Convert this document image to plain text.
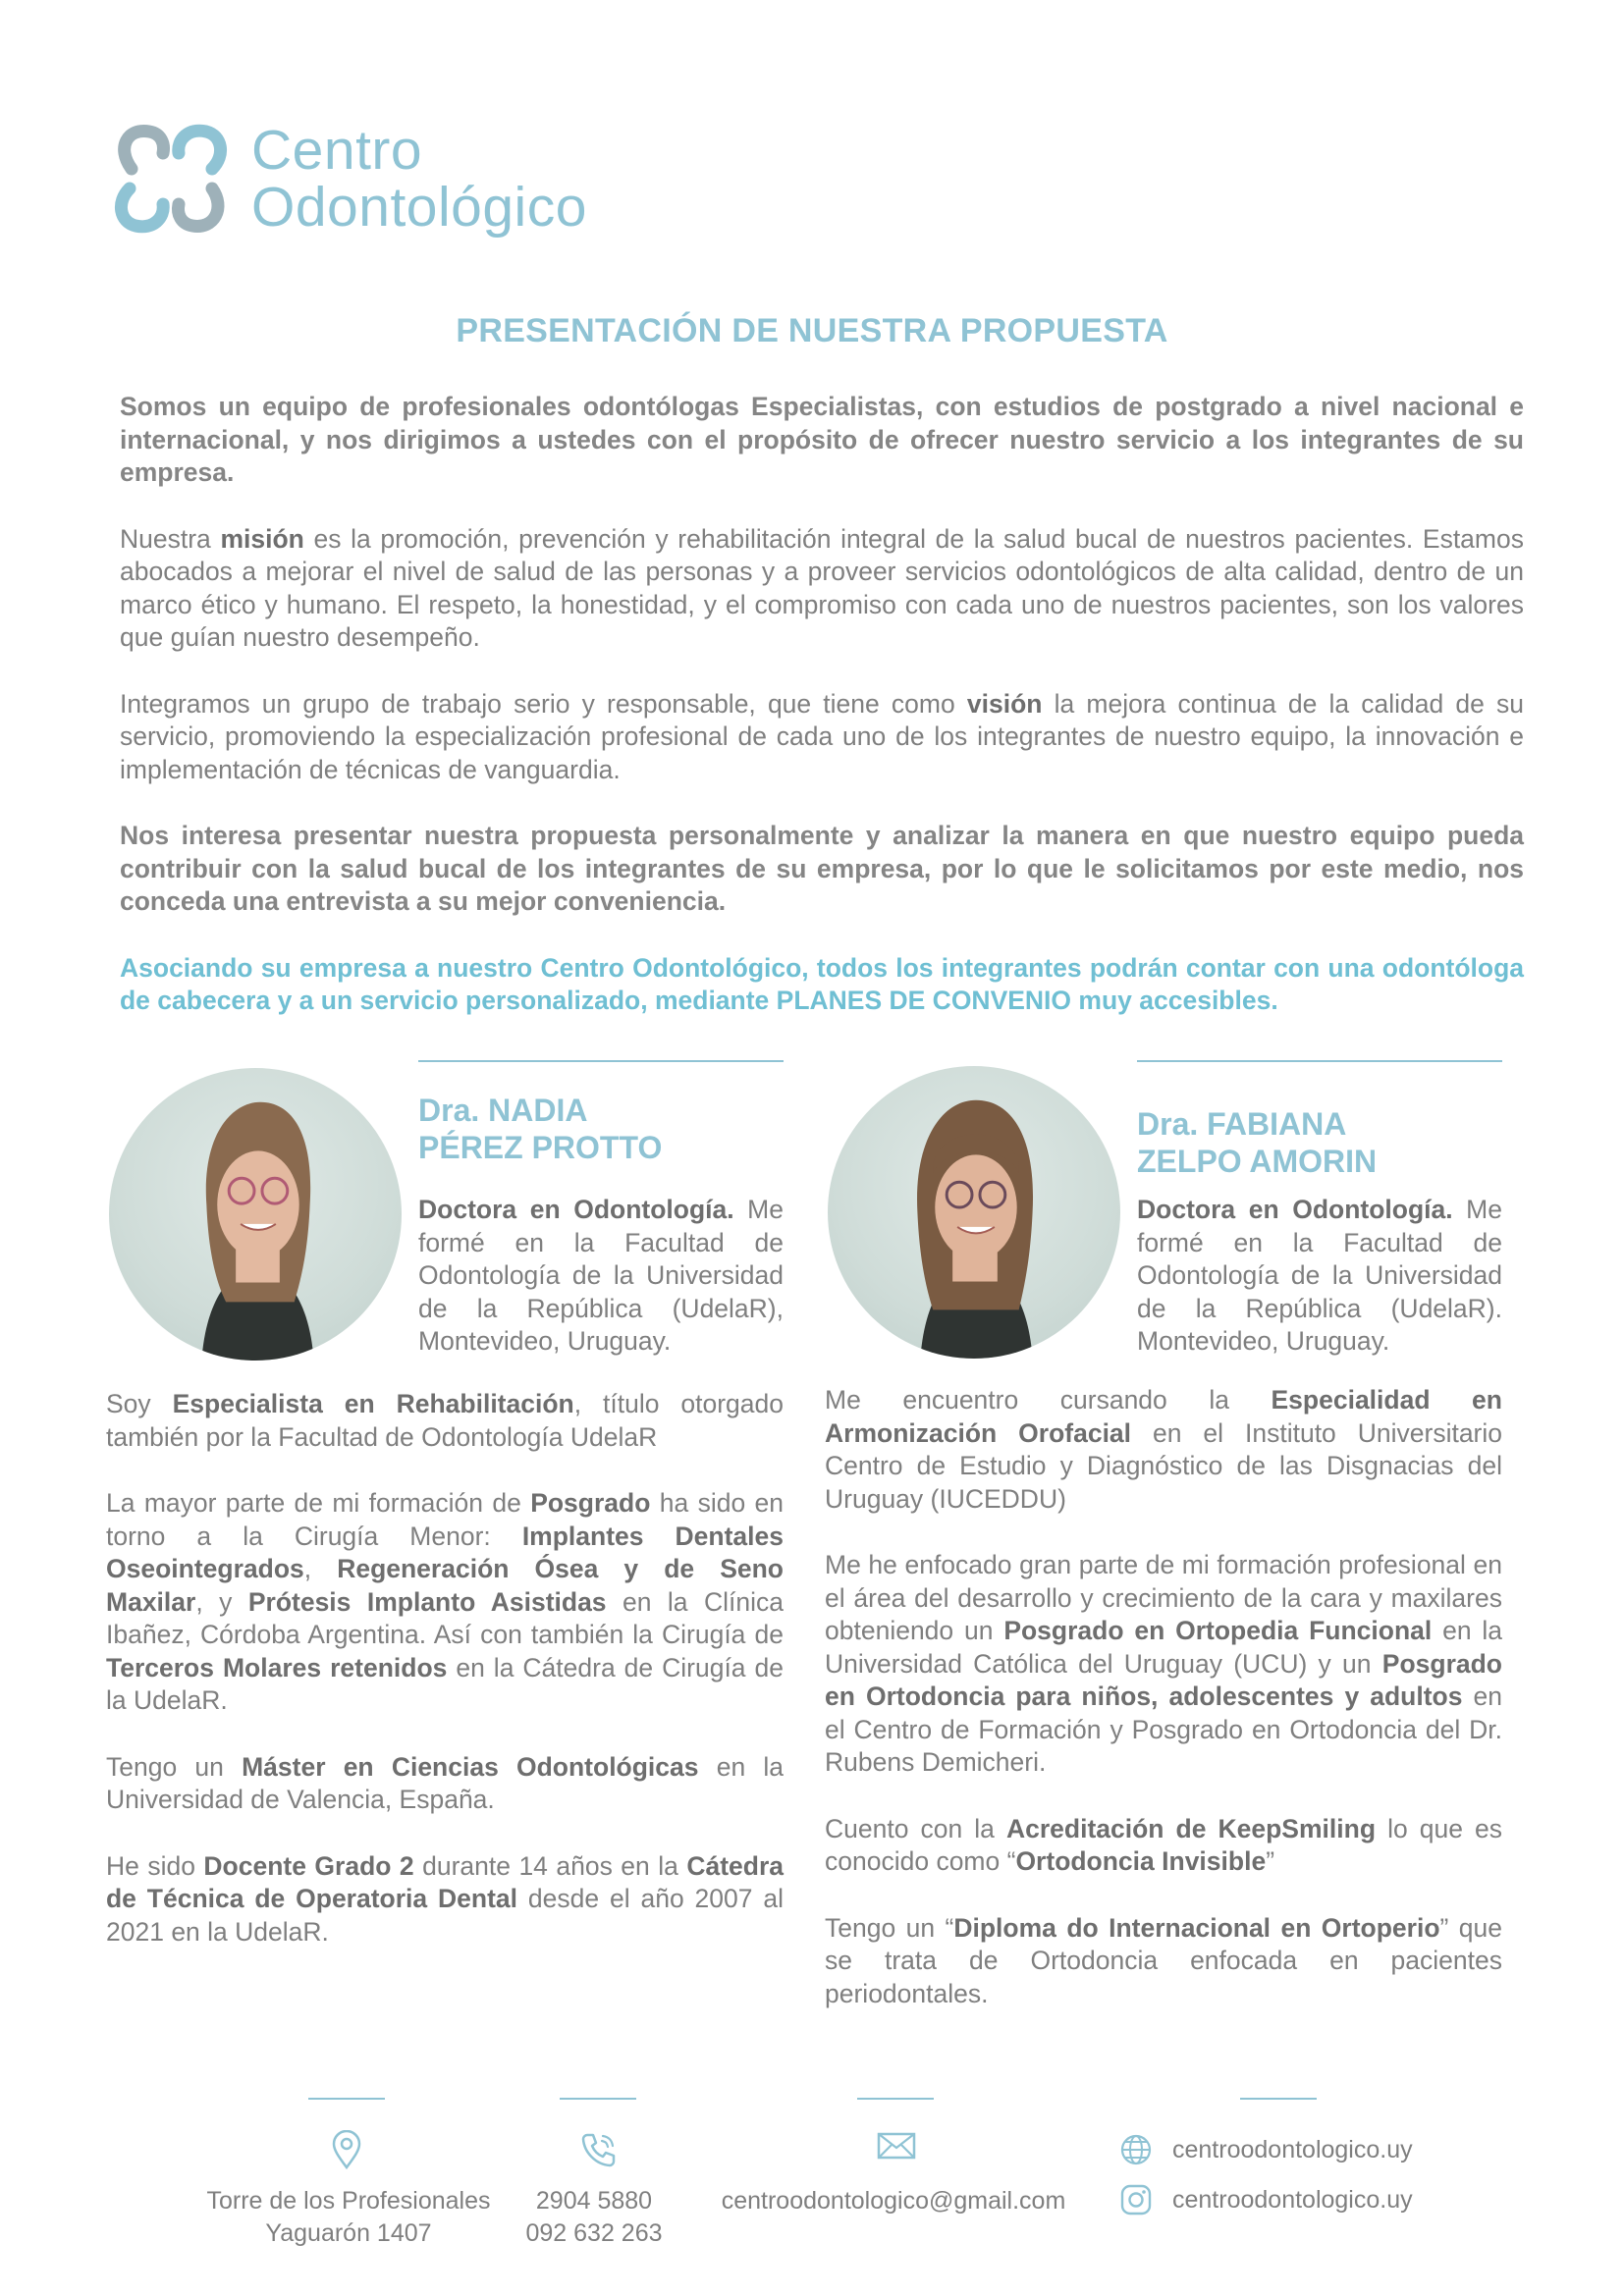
Centro
Odontológico
PRESENTACIÓN DE NUESTRA PROPUESTA

Somos un equipo de profesionales odontólogas Especialistas, con estudios de postgrado a nivel nacional e internacional, y nos dirigimos a ustedes con el propósito de ofrecer nuestro servicio a los integrantes de su empresa.

Nuestra misión es la promoción, prevención y rehabilitación integral de la salud bucal de nuestros pacientes. Estamos abocados a mejorar el nivel de salud de las personas y a proveer servicios odontológicos de alta calidad, dentro de un marco ético y humano. El respeto, la honestidad, y el compromiso con cada uno de nuestros pacientes, son los valores que guían nuestro desempeño.

Integramos un grupo de trabajo serio y responsable, que tiene como visión la mejora continua de la calidad de su servicio, promoviendo la especialización profesional de cada uno de los integrantes de nuestro equipo, la innovación e implementación de técnicas de vanguardia.

Nos interesa presentar nuestra propuesta personalmente y analizar la manera en que nuestro equipo pueda contribuir con la salud bucal de los integrantes de su empresa, por lo que le solicitamos por este medio, nos conceda una entrevista a su mejor conveniencia.

Asociando su empresa a nuestro Centro Odontológico, todos los integrantes podrán contar con una odontóloga de cabecera y a un servicio personalizado, mediante PLANES DE CONVENIO muy accesibles.

Dra. NADIA
PÉREZ PROTTO
Doctora en Odontología. Me formé en la Facultad de Odontología de la Universidad de la República (UdelaR), Montevideo, Uruguay.

Soy Especialista en Rehabilitación, título otorgado también por la Facultad de Odontología UdelaR

La mayor parte de mi formación de Posgrado ha sido en torno a la Cirugía Menor: Implantes Dentales Oseointegrados, Regeneración Ósea y de Seno Maxilar, y Prótesis Implanto Asistidas en la Clínica Ibañez, Córdoba Argentina. Así con también la Cirugía de Terceros Molares retenidos en la Cátedra de Cirugía de la UdelaR.

Tengo un Máster en Ciencias Odontológicas en la Universidad de Valencia, España.

He sido Docente Grado 2 durante 14 años en la Cátedra de Técnica de Operatoria Dental desde el año 2007 al 2021 en la UdelaR.

Dra. FABIANA
ZELPO AMORIN
Doctora en Odontología. Me formé en la Facultad de Odontología de la Universidad de la República (UdelaR). Montevideo, Uruguay.

Me encuentro cursando la Especialidad en Armonización Orofacial en el Instituto Universitario Centro de Estudio y Diagnóstico de las Disgnacias del Uruguay (IUCEDDU)

Me he enfocado gran parte de mi formación profesional en el área del desarrollo y crecimiento de la cara y maxilares obteniendo un Posgrado en Ortopedia Funcional en la Universidad Católica del Uruguay (UCU) y un Posgrado en Ortodoncia para niños, adolescentes y adultos en el Centro de Formación y Posgrado en Ortodoncia del Dr. Rubens Demicheri.

Cuento con la Acreditación de KeepSmiling lo que es conocido como “Ortodoncia Invisible”

Tengo un “Diploma do Internacional en Ortoperio” que se trata de Ortodoncia enfocada en pacientes periodontales.

Torre de los Profesionales
Yaguarón 1407
2904 5880
092 632 263
centroodontologico@gmail.com
centroodontologico.uy
centroodontologico.uy
